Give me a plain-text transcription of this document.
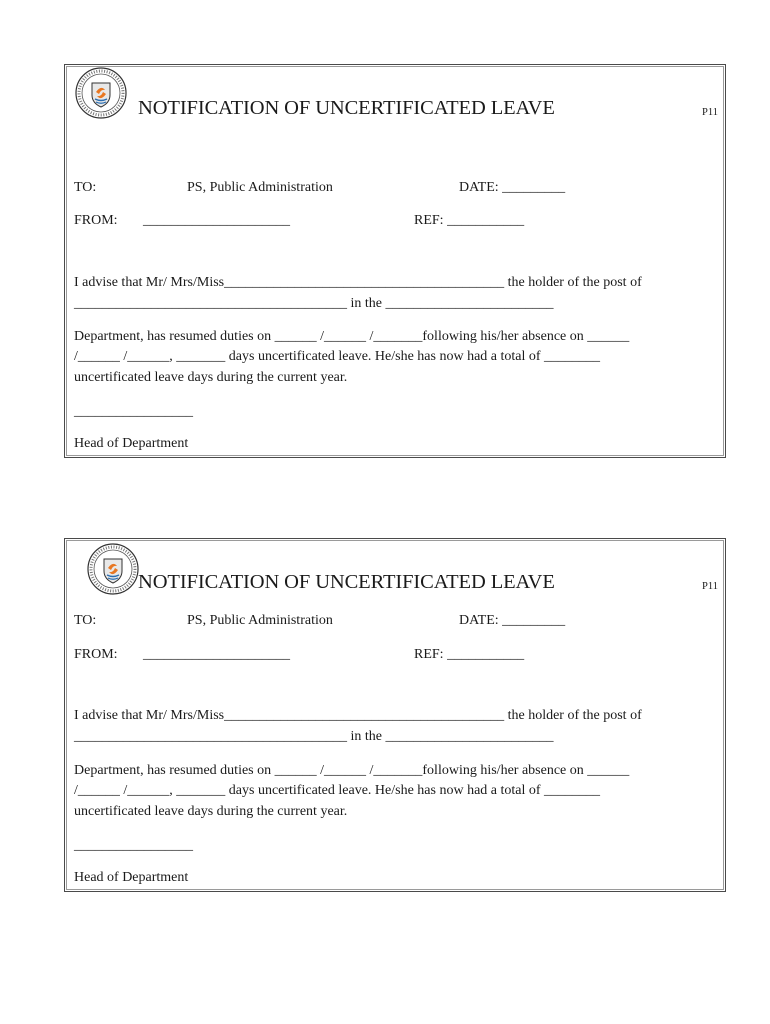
NOTIFICATION OF UNCERTIFICATED LEAVE	P11
TO:	PS, Public Administration	DATE: _________
FROM: _____________________	REF: ___________
I advise that Mr/ Mrs/Miss________________________________________ the holder of the post of
_______________________________________ in the ________________________
Department, has resumed duties on ______ /______ /_______following his/her absence on ______
/______ /______, _______ days uncertificated leave. He/she has now had a total of ________
uncertificated leave days during the current year.
_________________
Head of Department
NOTIFICATION OF UNCERTIFICATED LEAVE	P11
TO:	PS, Public Administration	DATE: _________
FROM: _____________________	REF: ___________
I advise that Mr/ Mrs/Miss________________________________________ the holder of the post of
_______________________________________ in the ________________________
Department, has resumed duties on ______ /______ /_______following his/her absence on ______
/______ /______, _______ days uncertificated leave. He/she has now had a total of ________
uncertificated leave days during the current year.
_________________
Head of Department
